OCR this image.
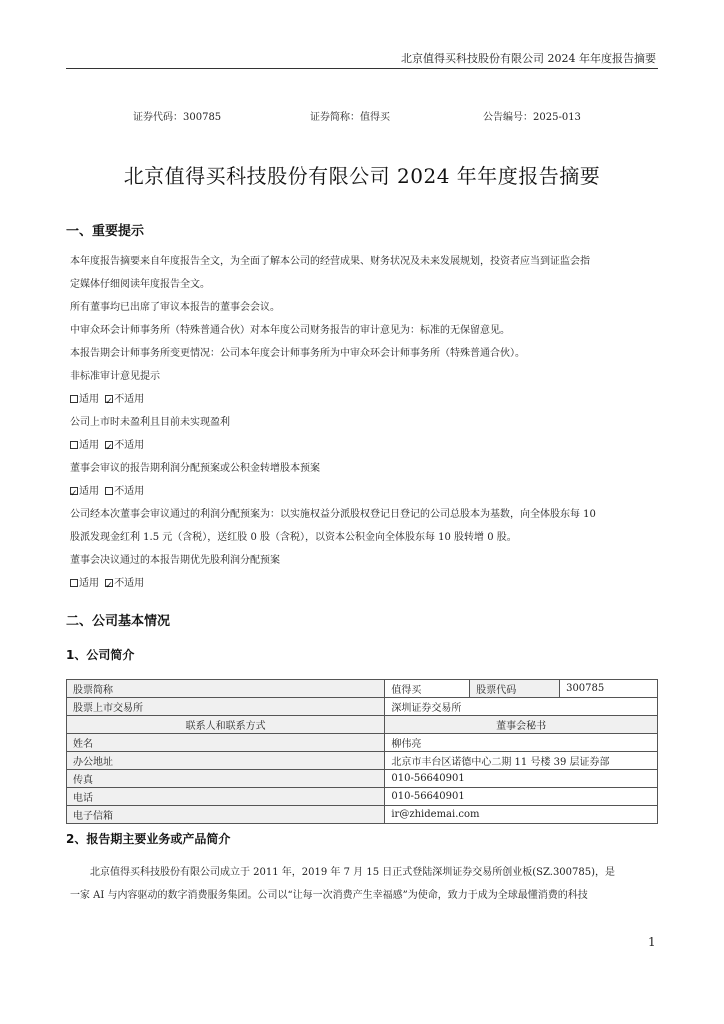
北京值得买科技股份有限公司 2024 年年度报告摘要
证券代码：300785	证券简称：值得买	公告编号：2025-013
北京值得买科技股份有限公司 2024 年年度报告摘要
一、重要提示
本年度报告摘要来自年度报告全文，为全面了解本公司的经营成果、财务状况及未来发展规划，投资者应当到证监会指
定媒体仔细阅读年度报告全文。
所有董事均已出席了审议本报告的董事会会议。
中审众环会计师事务所（特殊普通合伙）对本年度公司财务报告的审计意见为：标准的无保留意见。
本报告期会计师事务所变更情况：公司本年度会计师事务所为中审众环会计师事务所（特殊普通合伙）。
非标准审计意见提示
适用 ✓ 不适用
公司上市时未盈利且目前未实现盈利
适用 ✓ 不适用
董事会审议的报告期利润分配预案或公积金转增股本预案
✓适用 不适用
公司经本次董事会审议通过的利润分配预案为：以实施权益分派股权登记日登记的公司总股本为基数，向全体股东每 10
股派发现金红利 1.5 元（含税），送红股 0 股（含税），以资本公积金向全体股东每 10 股转增 0 股。
董事会决议通过的本报告期优先股利润分配预案
适用 ✓ 不适用
二、公司基本情况
1、公司简介
股票简称	值得买	股票代码	300785
股票上市交易所	深圳证券交易所		
联系人和联系方式	董事会秘书		
姓名	柳伟亮		
办公地址	北京市丰台区诺德中心二期 11 号楼 39 层证券部		
传真	010-56640901		
电话	010-56640901		
电子信箱	ir@zhidemai.com		
2、报告期主要业务或产品简介
北京值得买科技股份有限公司成立于 2011 年，2019 年 7 月 15 日正式登陆深圳证券交易所创业板(SZ.300785)，是
一家 AI 与内容驱动的数字消费服务集团。公司以“让每一次消费产生幸福感”为使命，致力于成为全球最懂消费的科技
1
